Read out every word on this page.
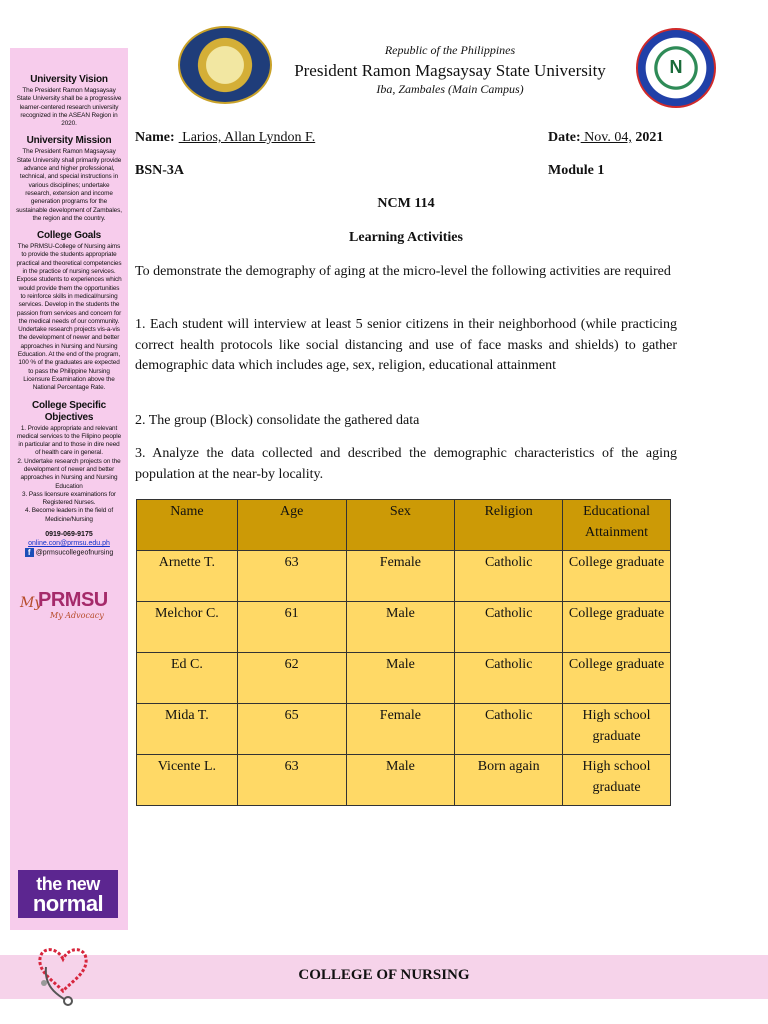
University Vision

The President Ramon Magsaysay State University shall be a progressive learner-centered research university recognized in the ASEAN Region in 2020.

University Mission

The President Ramon Magsaysay State University shall primarily provide advance and higher professional, technical, and special instructions in various disciplines; undertake research, extension and income generation programs for the sustainable development of Zambales, the region and the country.

College Goals

The PRMSU-College of Nursing aims to provide the students appropriate practical and theoretical competencies in the practice of nursing services. Expose students to experiences which would provide them the opportunities to reinforce skills in medical/nursing services. Develop in the students the passion from services and concern for the medical needs of our community. Undertake research projects vis-a-vis the development of newer and better approaches in Nursing and Nursing Education. At the end of the program, 100 % of the graduates are expected to pass the Philippine Nursing Licensure Examination above the National Percentage Rate.

College Specific Objectives

1. Provide appropriate and relevant medical services to the Filipino people in particular and to those in dire need of health care in general.
2. Undertake research projects on the development of newer and better approaches in Nursing and Nursing Education
3. Pass licensure examinations for Registered Nurses.
4. Become leaders in the field of Medicine/Nursing
0919-069-9175
online.con@prmsu.edu.ph
f @prmsucollegeofnursing
My
PRMSU
My Advocacy
the new
normal
Republic of the Philippines
President Ramon Magsaysay State University
Iba, Zambales (Main Campus)
N
Name: Larios, Allan Lyndon F.	Date: Nov. 04, 2021
BSN-3A	Module 1
NCM 114
Learning Activities
To demonstrate the demography of aging at the micro-level the following activities are required
1. Each student will interview at least 5 senior citizens in their neighborhood (while practicing correct health protocols like social distancing and use of face masks and shields) to gather demographic data which includes age, sex, religion, educational attainment
2. The group (Block) consolidate the gathered data
3. Analyze the data collected and described the demographic characteristics of the aging population at the near-by locality.
Name	Age	Sex	Religion	Educational Attainment
Arnette T.	63	Female	Catholic	College graduate
Melchor C.	61	Male	Catholic	College graduate
Ed C.	62	Male	Catholic	College graduate
Mida T.	65	Female	Catholic	High school graduate
Vicente L.	63	Male	Born again	High school graduate
COLLEGE OF NURSING
